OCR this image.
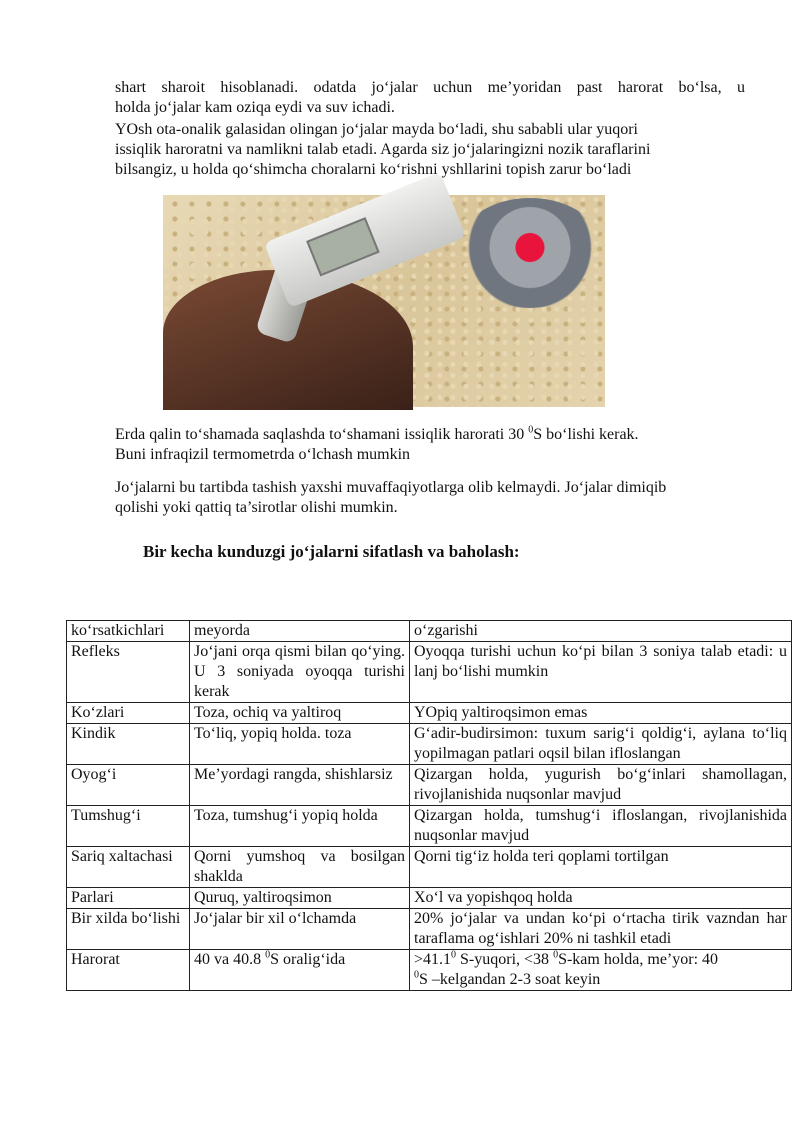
shart sharoit hisoblanadi. odatda jo‘jalar uchun me’yoridan past harorat bo‘lsa, u

holda jo‘jalar kam oziqa eydi va suv ichadi.

YOsh ota-onalik galasidan olingan jo‘jalar mayda bo‘ladi, shu sababli ular yuqori

issiqlik haroratni va namlikni talab etadi. Agarda siz jo‘jalaringizni nozik taraflarini

bilsangiz, u holda qo‘shimcha choralarni ko‘rishni yshllarini topish zarur bo‘ladi

Erda qalin to‘shamada saqlashda to‘shamani issiqlik harorati 30 $^0$S bo‘lishi kerak.

Buni infraqizil termometrda o‘lchash mumkin

Jo‘jalarni bu tartibda tashish yaxshi muvaffaqiyotlarga olib kelmaydi. Jo‘jalar dimiqib

qolishi yoki qattiq ta’sirotlar olishi mumkin.

Bir kecha kunduzgi jo‘jalarni sifatlash va baholash:

ko‘rsatkichlari	meyorda	o‘zgarishi
Refleks	Jo‘jani orqa qismi bilan qo‘ying. U 3 soniyada oyoqqa turishi kerak	Oyoqqa turishi uchun ko‘pi bilan 3 soniya talab etadi: u lanj bo‘lishi mumkin
Ko‘zlari	Toza, ochiq va yaltiroq	YOpiq yaltiroqsimon emas
Kindik	To‘liq, yopiq holda. toza	G‘adir-budirsimon: tuxum sarig‘i qoldig‘i, aylana to‘liq yopilmagan patlari oqsil bilan ifloslangan
Oyog‘i	Me’yordagi rangda, shishlarsiz	Qizargan holda, yugurish bo‘g‘inlari shamollagan, rivojlanishida nuqsonlar mavjud
Tumshug‘i	Toza, tumshug‘i yopiq holda	Qizargan holda, tumshug‘i ifloslangan, rivojlanishida nuqsonlar mavjud
Sariq xaltachasi	Qorni yumshoq va bosilgan shaklda	Qorni tig‘iz holda teri qoplami tortilgan
Parlari	Quruq, yaltiroqsimon	Xo‘l va yopishqoq holda
Bir xilda bo‘lishi	Jo‘jalar bir xil o‘lchamda	20% jo‘jalar va undan ko‘pi o‘rtacha tirik vazndan har taraflama og‘ishlari 20% ni tashkil etadi
Harorat	40 va 40.8 $^0$S oralig‘ida	$>41.1^0$ S-yuqori, <38 $^0$S-kam holda, me’yor: 40
$^0$S –kelgandan 2-3 soat keyin
